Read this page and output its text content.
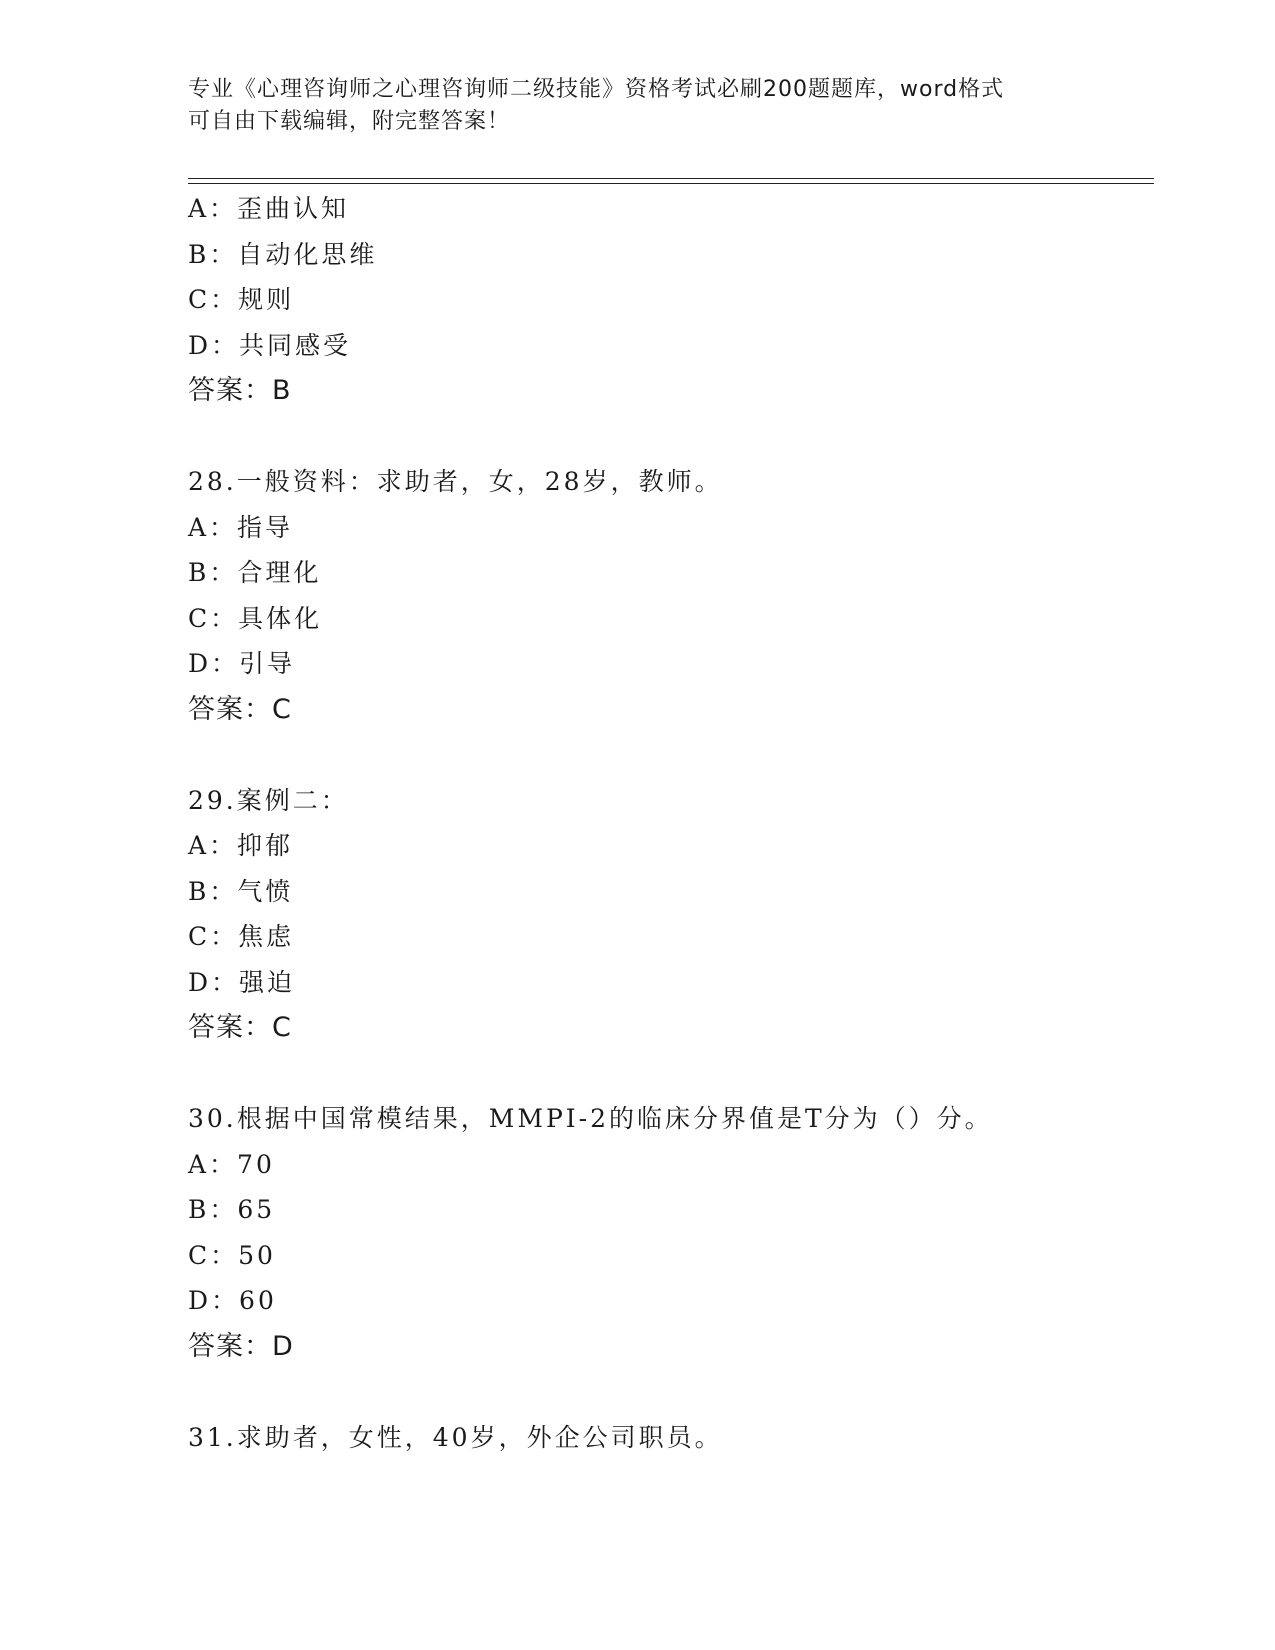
专业《心理咨询师之心理咨询师二级技能》资格考试必刷200题题库，word格式
可自由下载编辑，附完整答案！
A：歪曲认知
B：自动化思维
C：规则
D：共同感受
答案：B
28.一般资料：求助者，女，28岁，教师。
A：指导
B：合理化
C：具体化
D：引导
答案：C
29.案例二：
A：抑郁
B：气愤
C：焦虑
D：强迫
答案：C
30.根据中国常模结果，MMPI-2的临床分界值是T分为（）分。
A：70
B：65
C：50
D：60
答案：D
31.求助者，女性，40岁，外企公司职员。
